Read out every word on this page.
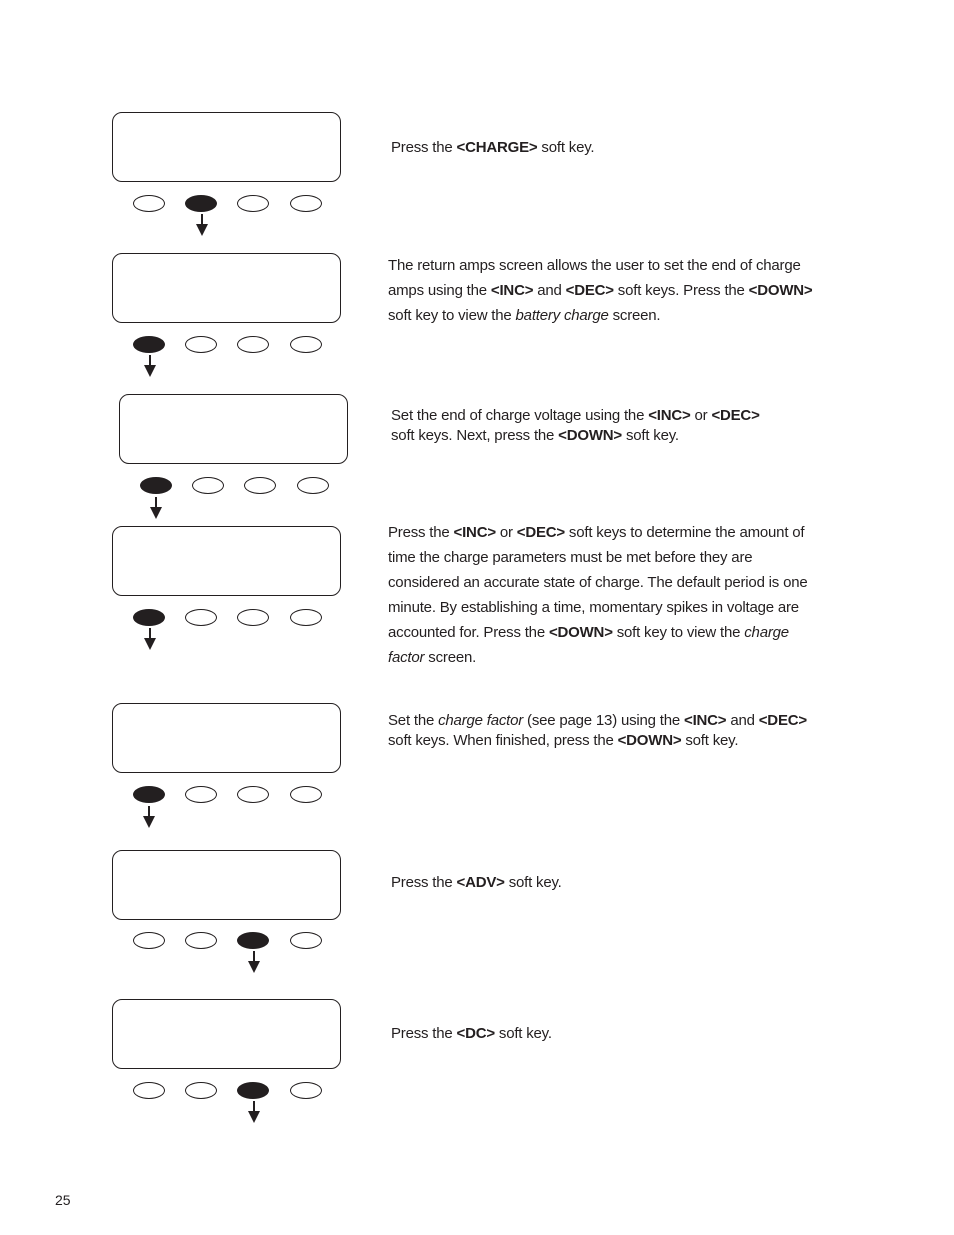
Press the <CHARGE> soft key.

The return amps screen allows the user to set the end of charge amps using the <INC> and <DEC> soft keys. Press the <DOWN> soft key to view the battery charge screen.

Set the end of charge voltage using the <INC> or <DEC>
soft keys. Next, press the <DOWN> soft key.

Press the <INC> or <DEC> soft keys to determine the amount of time the charge parameters must be met before they are considered an accurate state of charge. The default period is one minute. By establishing a time, momentary spikes in voltage are accounted for. Press the <DOWN> soft key to view the charge factor screen.

Set the charge factor (see page 13) using the <INC> and <DEC> soft keys. When finished, press the <DOWN> soft key.

Press the <ADV> soft key.

Press the <DC> soft key.

25
